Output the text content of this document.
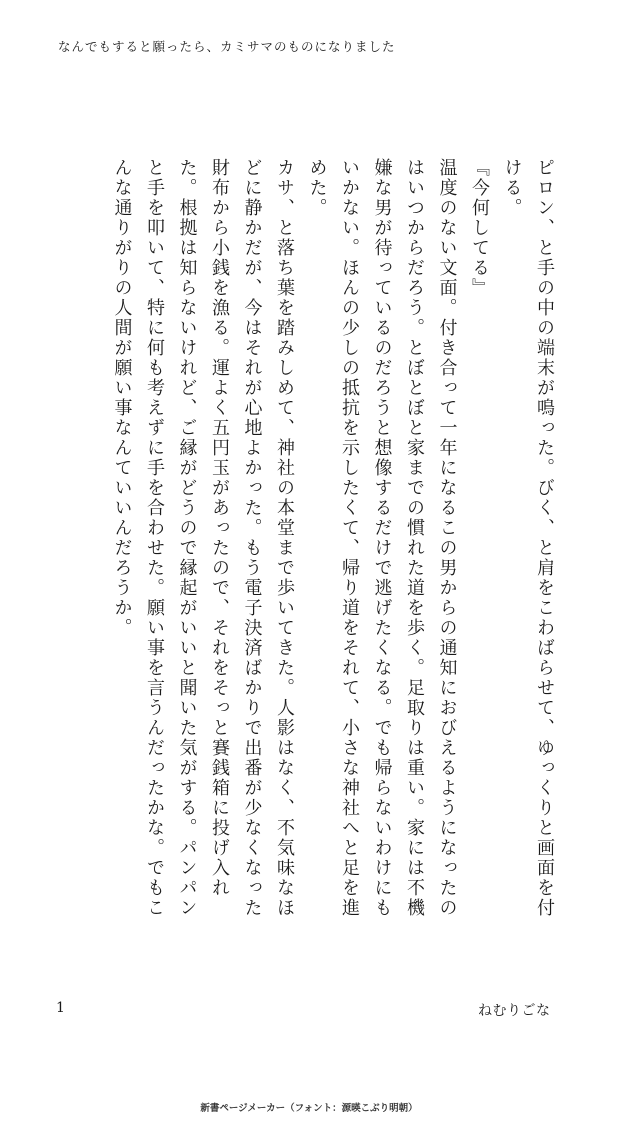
なんでもすると願ったら、カミサマのものになりました

ピロン、と手の中の端末が鳴った。びく、と肩をこわばらせて、ゆっくりと画面を付ける。

『今何してる』

温度のない文面。付き合って一年になるこの男からの通知におびえるようになったのはいつからだろう。とぼとぼと家までの慣れた道を歩く。足取りは重い。家には不機嫌な男が待っているのだろうと想像するだけで逃げたくなる。でも帰らないわけにもいかない。ほんの少しの抵抗を示したくて、帰り道をそれて、小さな神社へと足を進めた。

カサ、と落ち葉を踏みしめて、神社の本堂まで歩いてきた。人影はなく、不気味なほどに静かだが、今はそれが心地よかった。もう電子決済ばかりで出番が少なくなった財布から小銭を漁る。運よく五円玉があったので、それをそっと賽銭箱に投げ入れた。根拠は知らないけれど、ご縁がどうので縁起がいいと聞いた気がする。パンパンと手を叩いて、特に何も考えずに手を合わせた。願い事を言うんだったかな。でもこんな通りがりの人間が願い事なんていいんだろうか。

1	ねむりごな
新書ページメーカー（フォント：源暎こぶり明朝）
